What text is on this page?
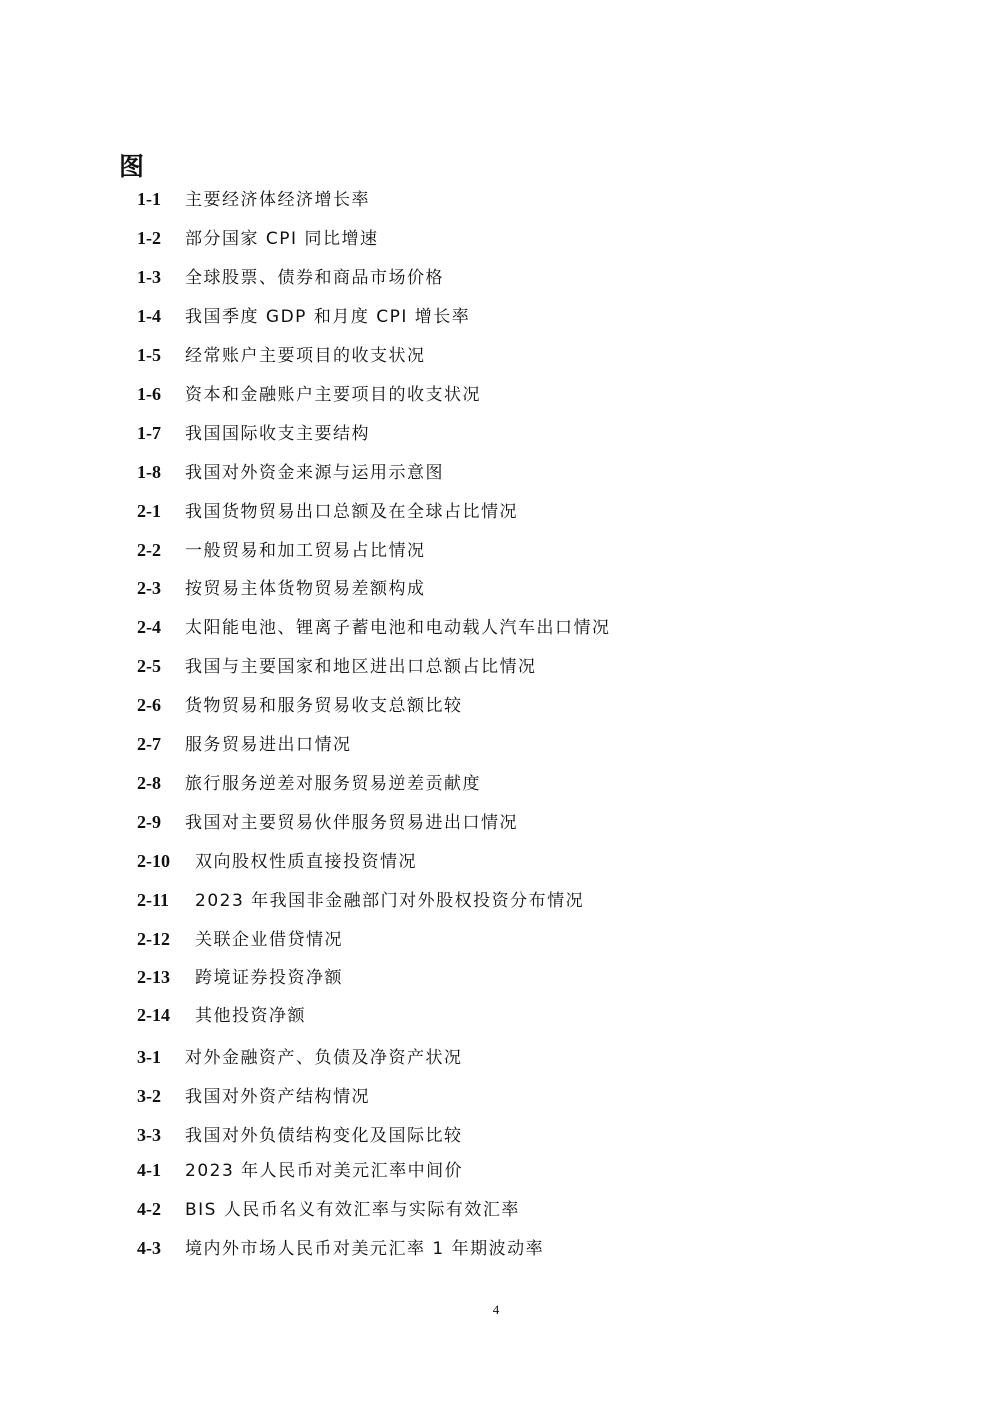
图
1-1 主要经济体经济增长率
1-2 部分国家 CPI 同比增速
1-3 全球股票、债券和商品市场价格
1-4 我国季度 GDP 和月度 CPI 增长率
1-5 经常账户主要项目的收支状况
1-6 资本和金融账户主要项目的收支状况
1-7 我国国际收支主要结构
1-8 我国对外资金来源与运用示意图
2-1 我国货物贸易出口总额及在全球占比情况
2-2 一般贸易和加工贸易占比情况
2-3 按贸易主体货物贸易差额构成
2-4 太阳能电池、锂离子蓄电池和电动载人汽车出口情况
2-5 我国与主要国家和地区进出口总额占比情况
2-6 货物贸易和服务贸易收支总额比较
2-7 服务贸易进出口情况
2-8 旅行服务逆差对服务贸易逆差贡献度
2-9 我国对主要贸易伙伴服务贸易进出口情况
2-10 双向股权性质直接投资情况
2-11 2023 年我国非金融部门对外股权投资分布情况
2-12 关联企业借贷情况
2-13 跨境证券投资净额
2-14 其他投资净额
3-1 对外金融资产、负债及净资产状况
3-2 我国对外资产结构情况
3-3 我国对外负债结构变化及国际比较
4-1 2023 年人民币对美元汇率中间价
4-2 BIS 人民币名义有效汇率与实际有效汇率
4-3 境内外市场人民币对美元汇率 1 年期波动率
4
